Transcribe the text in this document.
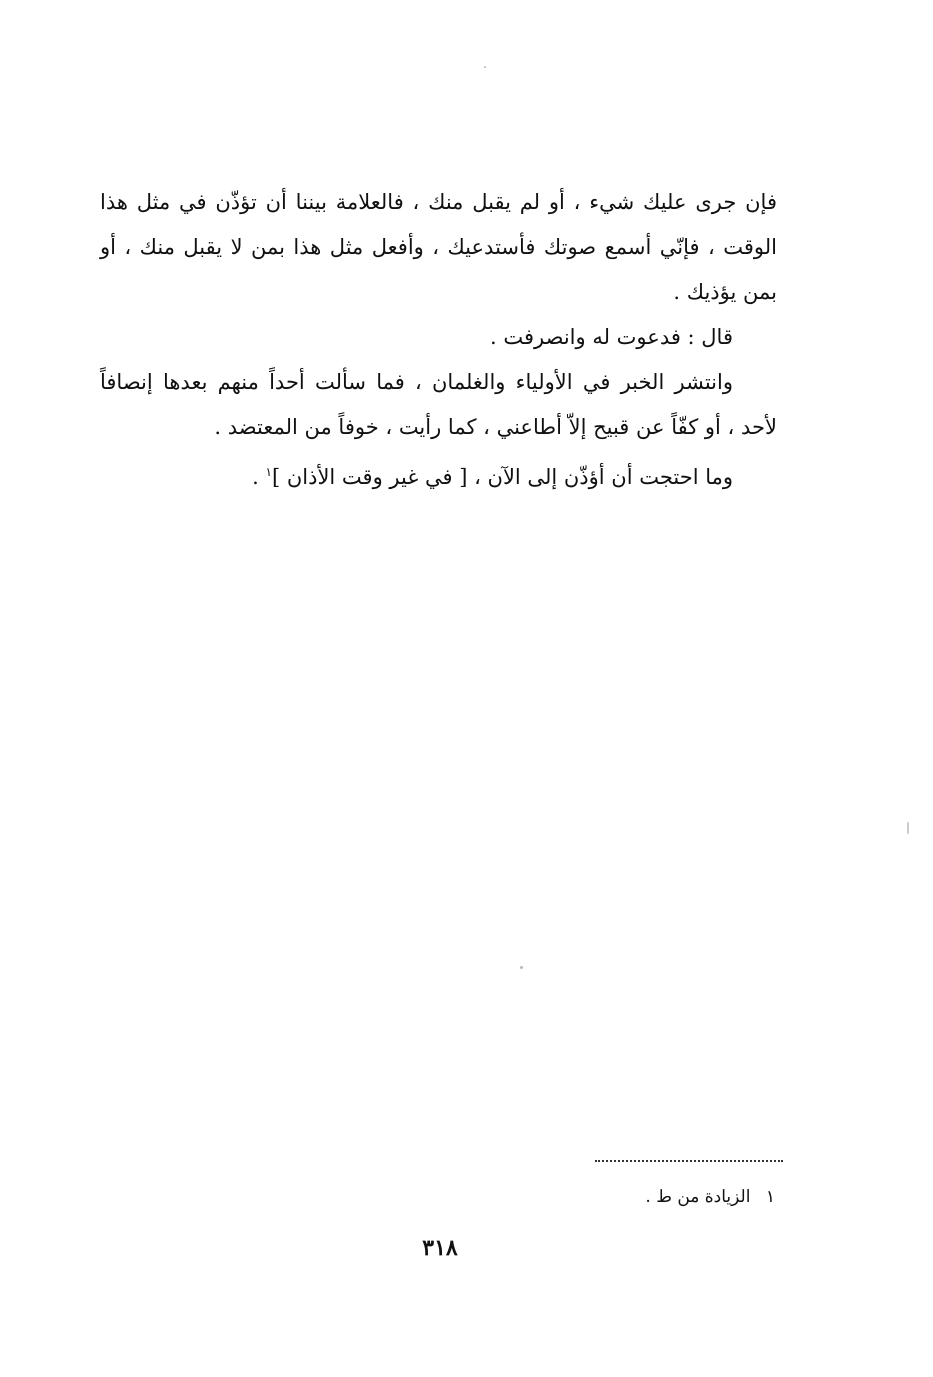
فإن جرى عليك شيء ، أو لم يقبل منك ، فالعلامة بيننا أن تؤذّن في مثل هذا الوقت ، فإنّي أسمع صوتك فأستدعيك ، وأفعل مثل هذا بمن لا يقبل منك ، أو بمن يؤذيك .

قال : فدعوت له وانصرفت .

وانتشر الخبر في الأولياء والغلمان ، فما سألت أحداً منهم بعدها إنصافاً لأحد ، أو كفّاً عن قبيح إلاّ أطاعني ، كما رأيت ، خوفاً من المعتضد .

وما احتجت أن أؤذّن إلى الآن ، [ في غير وقت الأذان ]$^١$ .

١ الزيادة من ط .
٣١٨
